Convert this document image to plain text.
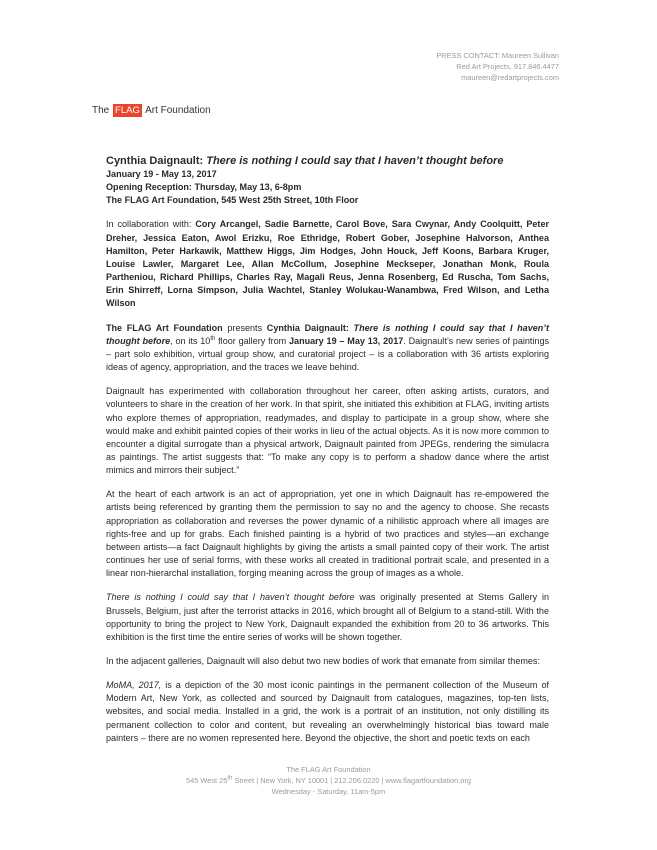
PRESS CONTACT: Maureen Sullivan
Red Art Projects, 917.846.4477
maureen@redartprojects.com
The FLAG Art Foundation
Cynthia Daignault: There is nothing I could say that I haven’t thought before
January 19 - May 13, 2017
Opening Reception: Thursday, May 13, 6-8pm
The FLAG Art Foundation, 545 West 25th Street, 10th Floor

In collaboration with: Cory Arcangel, Sadie Barnette, Carol Bove, Sara Cwynar, Andy Coolquitt, Peter Dreher, Jessica Eaton, Awol Erizku, Roe Ethridge, Robert Gober, Josephine Halvorson, Anthea Hamilton, Peter Harkawik, Matthew Higgs, Jim Hodges, John Houck, Jeff Koons, Barbara Kruger, Louise Lawler, Margaret Lee, Allan McCollum, Josephine Meckseper, Jonathan Monk, Roula Partheniou, Richard Phillips, Charles Ray, Magali Reus, Jenna Rosenberg, Ed Ruscha, Tom Sachs, Erin Shirreff, Lorna Simpson, Julia Wachtel, Stanley Wolukau-Wanambwa, Fred Wilson, and Letha Wilson

The FLAG Art Foundation presents Cynthia Daignault: There is nothing I could say that I haven’t thought before, on its 10th floor gallery from January 19 – May 13, 2017. Daignault’s new series of paintings – part solo exhibition, virtual group show, and curatorial project – is a collaboration with 36 artists exploring ideas of agency, appropriation, and the traces we leave behind.

Daignault has experimented with collaboration throughout her career, often asking artists, curators, and volunteers to share in the creation of her work. In that spirit, she initiated this exhibition at FLAG, inviting artists who explore themes of appropriation, readymades, and display to participate in a group show, where she would make and exhibit painted copies of their works in lieu of the actual objects. As it is now more common to encounter a digital surrogate than a physical artwork, Daignault painted from JPEGs, rendering the simulacra as paintings. The artist suggests that: “To make any copy is to perform a shadow dance where the artist mimics and mirrors their subject.”

At the heart of each artwork is an act of appropriation, yet one in which Daignault has re-empowered the artists being referenced by granting them the permission to say no and the agency to choose. She recasts appropriation as collaboration and reverses the power dynamic of a nihilistic approach where all images are rights-free and up for grabs. Each finished painting is a hybrid of two practices and styles—an exchange between artists—a fact Daignault highlights by giving the artists a small painted copy of their work. The artist continues her use of serial forms, with these works all created in traditional portrait scale, and presented in a linear non-hierarchal installation, forging meaning across the group of images as a whole.

There is nothing I could say that I haven’t thought before was originally presented at Stems Gallery in Brussels, Belgium, just after the terrorist attacks in 2016, which brought all of Belgium to a stand-still. With the opportunity to bring the project to New York, Daignault expanded the exhibition from 20 to 36 artworks. This exhibition is the first time the entire series of works will be shown together.

In the adjacent galleries, Daignault will also debut two new bodies of work that emanate from similar themes:

MoMA, 2017, is a depiction of the 30 most iconic paintings in the permanent collection of the Museum of Modern Art, New York, as collected and sourced by Daignault from catalogues, magazines, top-ten lists, websites, and social media. Installed in a grid, the work is a portrait of an institution, not only distilling its permanent collection to color and content, but revealing an overwhelmingly historical bias toward male painters – there are no women represented here. Beyond the objective, the short and poetic texts on each

The FLAG Art Foundation
545 West 25th Street | New York, NY 10001 | 212.206.0220 | www.flagartfoundation.org
Wednesday - Saturday, 11am-5pm
